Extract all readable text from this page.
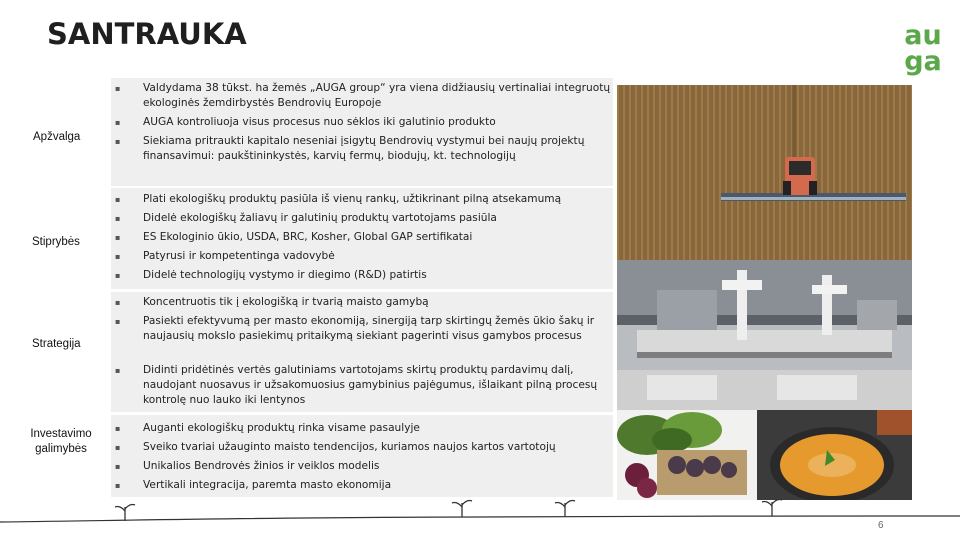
SANTRAUKA	au
ga
Apžvalga
Stiprybės
Strategija
Investavimo galimybės
▪ Valdydama 38 tūkst. ha žemės „AUGA group“ yra viena didžiausių vertinaliai integruotų ekologinės žemdirbystės Bendrovių Europoje
▪ AUGA kontroliuoja visus procesus nuo sėklos iki galutinio produkto
▪ Siekiama pritraukti kapitalo neseniai įsigytų Bendrovių vystymui bei naujų projektų finansavimui: paukštininkystės, karvių fermų, biodujų, kt. technologijų
▪ Plati ekologiškų produktų pasiūla iš vienų rankų, užtikrinant pilną atsekamumą
▪ Didelė ekologiškų žaliavų ir galutinių produktų vartotojams pasiūla
▪ ES Ekologinio ūkio, USDA, BRC, Kosher, Global GAP sertifikatai
▪ Patyrusi ir kompetentinga vadovybė
▪ Didelė technologijų vystymo ir diegimo (R&D) patirtis
▪ Koncentruotis tik į ekologišką ir tvarią maisto gamybą
▪ Pasiekti efektyvumą per masto ekonomiją, sinergiją tarp skirtingų žemės ūkio šakų ir naujausių mokslo pasiekimų pritaikymą siekiant pagerinti visus gamybos procesus
▪ Didinti pridėtinės vertės galutiniams vartotojams skirtų produktų pardavimų dalį, naudojant nuosavus ir užsakomuosius gamybinius pajėgumus, išlaikant pilną procesų kontrolę nuo lauko iki lentynos
▪ Auganti ekologiškų produktų rinka visame pasaulyje
▪ Sveiko tvariai užauginto maisto tendencijos, kuriamos naujos kartos vartotojų
▪ Unikalios Bendrovės žinios ir veiklos modelis
▪ Vertikali integracija, paremta masto ekonomija
6
